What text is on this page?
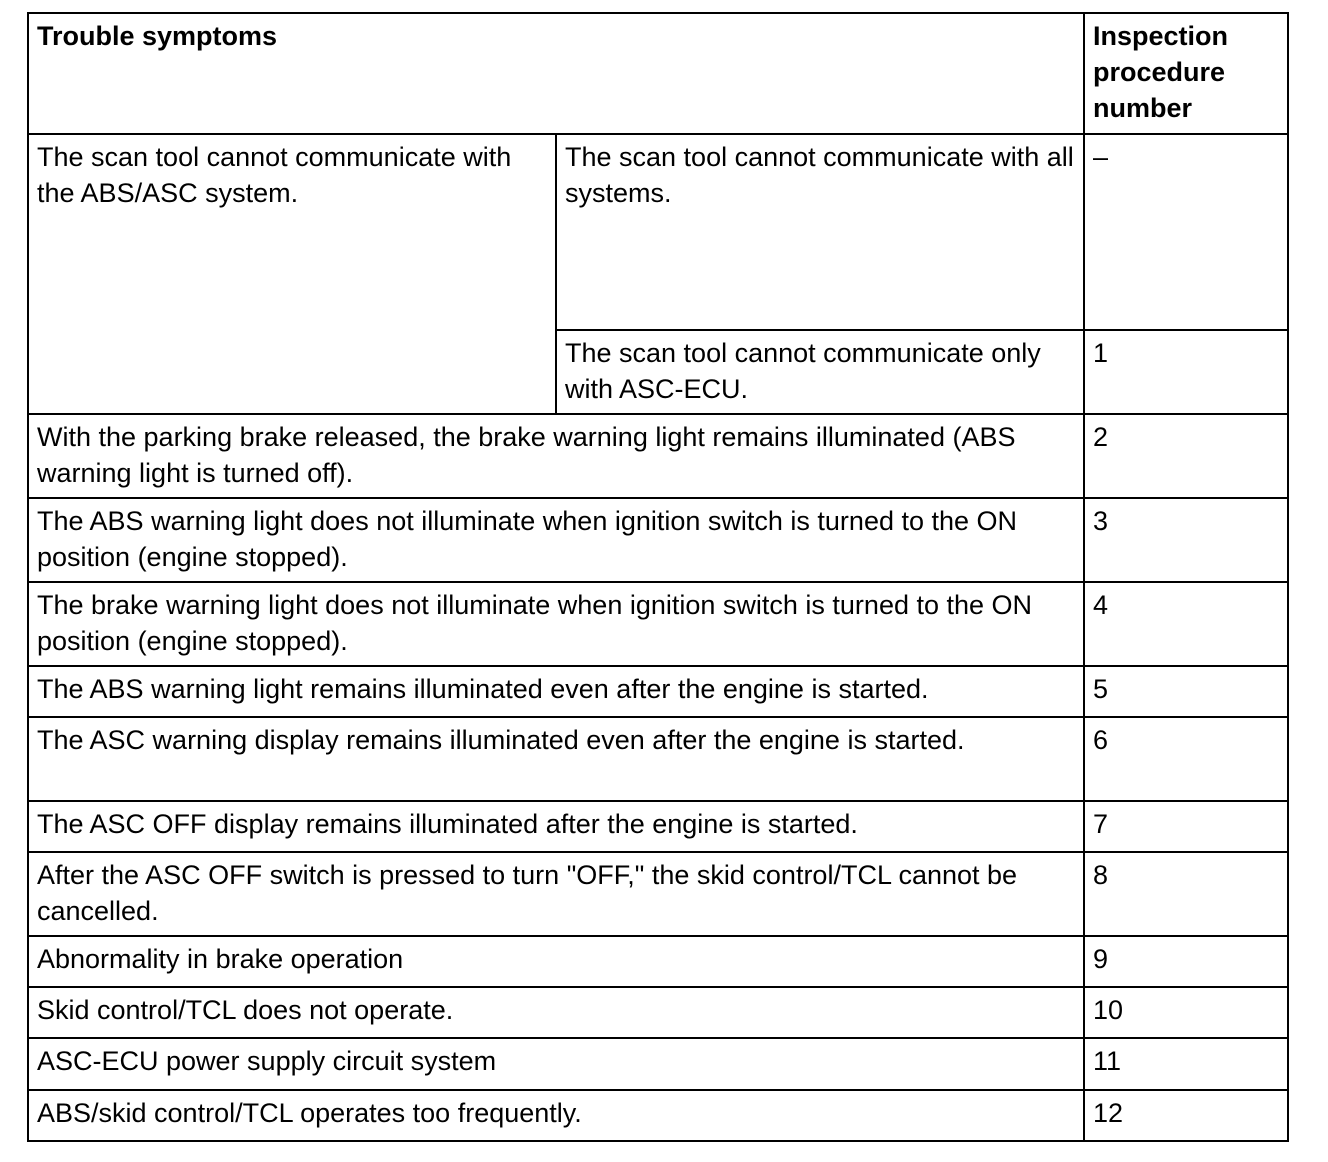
Trouble symptoms		Inspection procedure number
The scan tool cannot communicate with the ABS/ASC system.	The scan tool cannot communicate with all systems.	–
	The scan tool cannot communicate only with ASC-ECU.	1
With the parking brake released, the brake warning light remains illuminated (ABS warning light is turned off).		2
The ABS warning light does not illuminate when ignition switch is turned to the ON position (engine stopped).		3
The brake warning light does not illuminate when ignition switch is turned to the ON position (engine stopped).		4
The ABS warning light remains illuminated even after the engine is started.		5
The ASC warning display remains illuminated even after the engine is started.		6
The ASC OFF display remains illuminated after the engine is started.		7
After the ASC OFF switch is pressed to turn "OFF," the skid control/TCL cannot be cancelled.		8
Abnormality in brake operation		9
Skid control/TCL does not operate.		10
ASC-ECU power supply circuit system		11
ABS/skid control/TCL operates too frequently.		12
